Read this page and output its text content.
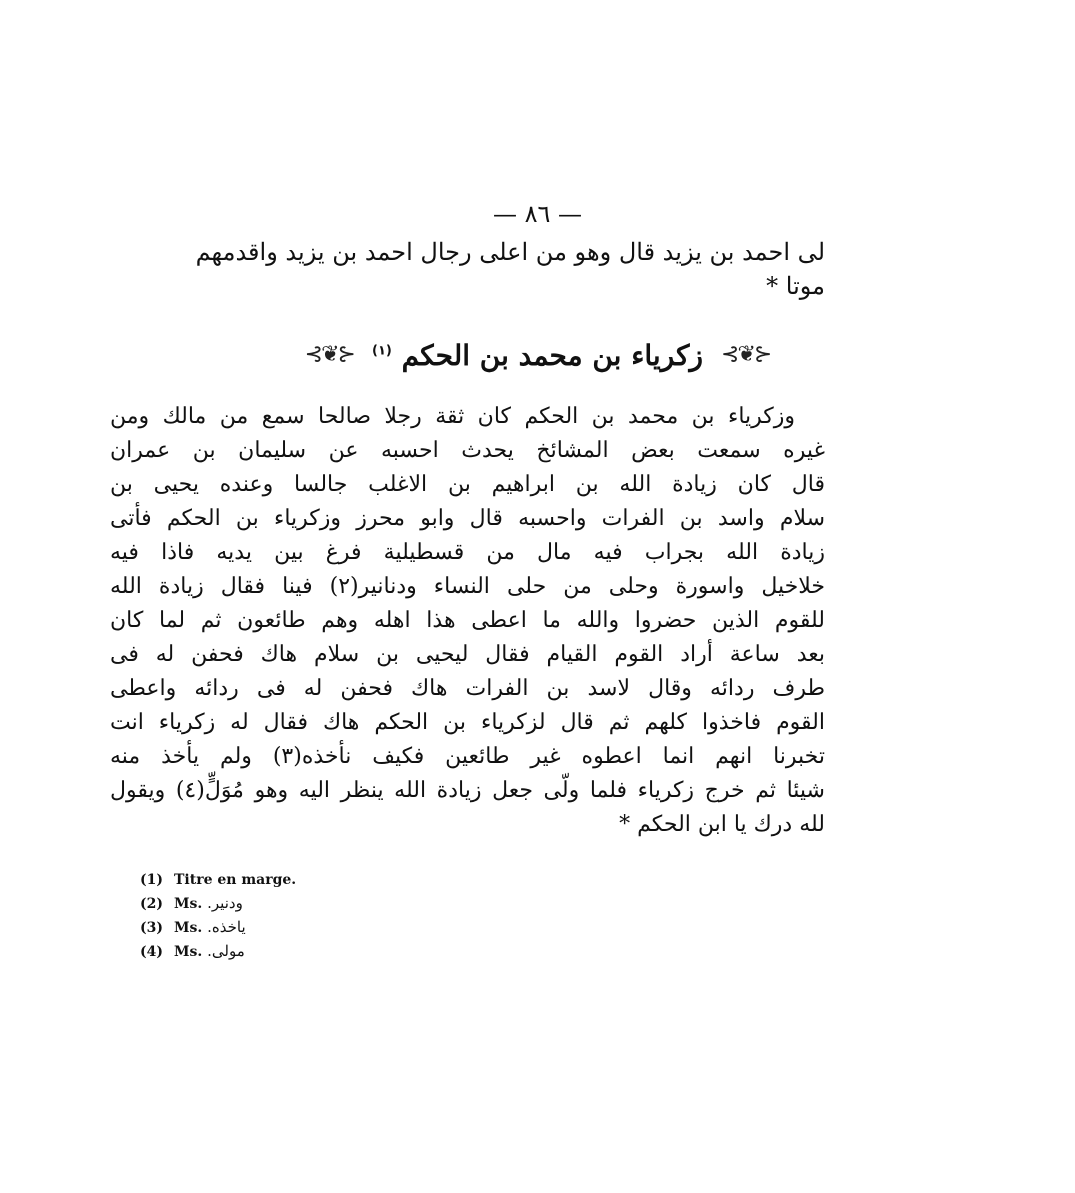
— ٨٦ —
لى احمد بن يزيد قال وهو من اعلى رجال احمد بن يزيد واقدمهم
موتا *
⊰❦⊱
زكرياء بن محمد بن الحكم $^{(١)}$
⊰❦⊱
وزكرياء بن محمد بن الحكم كان ثقة رجلا صالحا سمع من مالك ومن
غيره سمعت بعض المشائخ يحدث احسبه عن سليمان بن عمران
قال كان زيادة الله بن ابراهيم بن الاغلب جالسا وعنده يحيى بن
سلام واسد بن الفرات واحسبه قال وابو محرز وزكرياء بن الحكم فأتى
زيادة الله بجراب فيه مال من قسطيلية فرغ بين يديه فاذا فيه
خلاخيل واسورة وحلى من حلى النساء ودنانير(٢) فينا فقال زيادة الله
للقوم الذين حضروا والله ما اعطى هذا اهله وهم طائعون ثم لما كان
بعد ساعة أراد القوم القيام فقال ليحيى بن سلام هاك فحفن له فى
طرف ردائه وقال لاسد بن الفرات هاك فحفن له فى ردائه واعطى
القوم فاخذوا كلهم ثم قال لزكرياء بن الحكم هاك فقال له زكرياء انت
تخبرنا انهم انما اعطوه غير طائعين فكيف نأخذه(٣) ولم يأخذ منه
شيئا ثم خرج زكرياء فلما ولّى جعل زيادة الله ينظر اليه وهو مُوَلٍّ(٤) ويقول
لله درك يا ابن الحكم *
(1) Titre en marge.
(2) Ms. ودنير.
(3) Ms. ياخذه.
(4) Ms. مولى.
